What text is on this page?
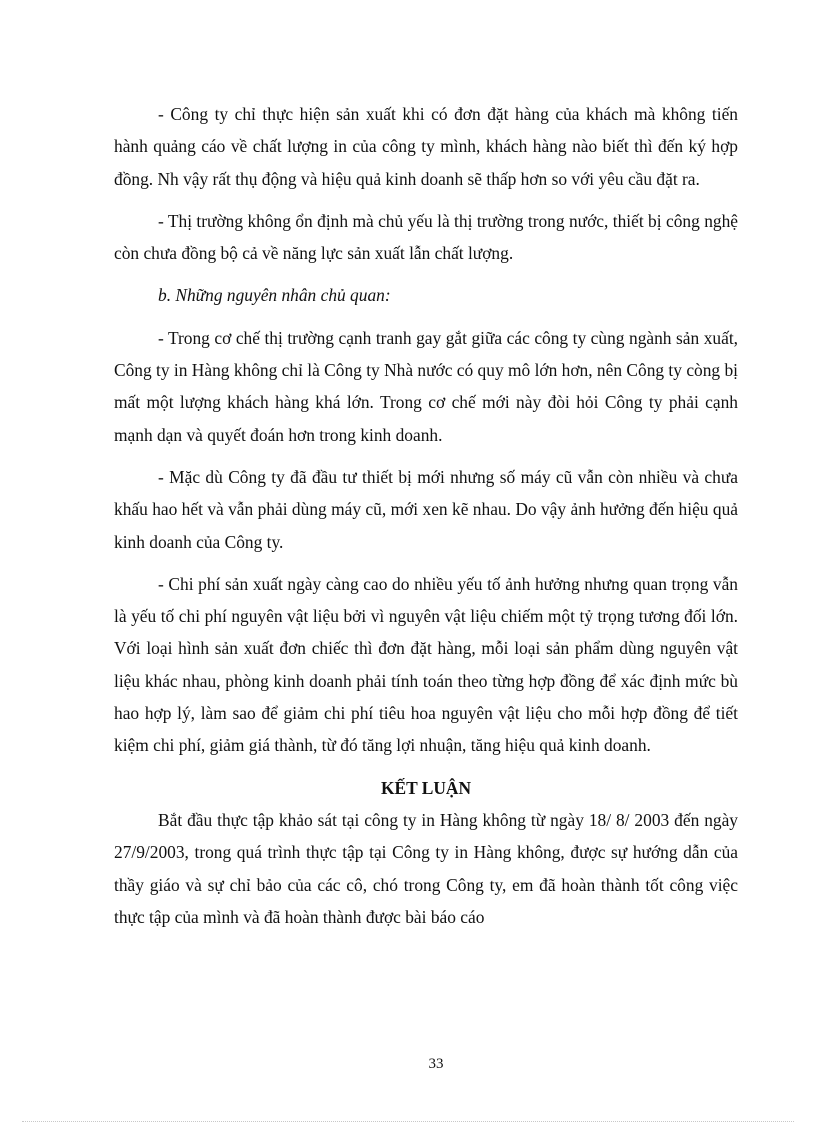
- Công ty chỉ thực hiện sản xuất khi có đơn đặt hàng của khách mà không tiến hành quảng cáo về chất lượng in của công ty mình, khách hàng nào biết thì đến ký hợp đồng. Nh vậy rất thụ động và hiệu quả kinh doanh sẽ thấp hơn so với yêu cầu đặt ra.

- Thị trường không ổn định mà chủ yếu là thị trường trong nước, thiết bị công nghệ còn chưa đồng bộ cả về năng lực sản xuất lẫn chất lượng.

b. Những nguyên nhân chủ quan:

- Trong cơ chế thị trường cạnh tranh gay gắt giữa các công ty cùng ngành sản xuất, Công ty in Hàng không chỉ là Công ty Nhà nước có quy mô lớn hơn, nên Công ty còng bị mất một lượng khách hàng khá lớn. Trong cơ chế mới này đòi hỏi Công ty phải cạnh mạnh dạn và quyết đoán hơn trong kinh doanh.

- Mặc dù Công ty đã đầu tư thiết bị mới nhưng số máy cũ vẫn còn nhiều và chưa khấu hao hết và vẫn phải dùng máy cũ, mới xen kẽ nhau. Do vậy ảnh hưởng đến hiệu quả kinh doanh của Công ty.

- Chi phí sản xuất ngày càng cao do nhiều yếu tố ảnh hưởng nhưng quan trọng vẫn là yếu tố chi phí nguyên vật liệu bởi vì nguyên vật liệu chiếm một tỷ trọng tương đối lớn. Với loại hình sản xuất đơn chiếc thì đơn đặt hàng, mỗi loại sản phẩm dùng nguyên vật liệu khác nhau, phòng kinh doanh phải tính toán theo từng hợp đồng để xác định mức bù hao hợp lý, làm sao để giảm chi phí tiêu hoa nguyên vật liệu cho mỗi hợp đồng để tiết kiệm chi phí, giảm giá thành, từ đó tăng lợi nhuận, tăng hiệu quả kinh doanh.

KẾT LUẬN

Bắt đầu thực tập khảo sát tại công ty in Hàng không từ ngày 18/ 8/ 2003 đến ngày 27/9/2003, trong quá trình thực tập tại Công ty in Hàng không, được sự hướng dẫn của thầy giáo và sự chỉ bảo của các cô, chó trong Công ty, em đã hoàn thành tốt công việc thực tập của mình và đã hoàn thành được bài báo cáo

33
